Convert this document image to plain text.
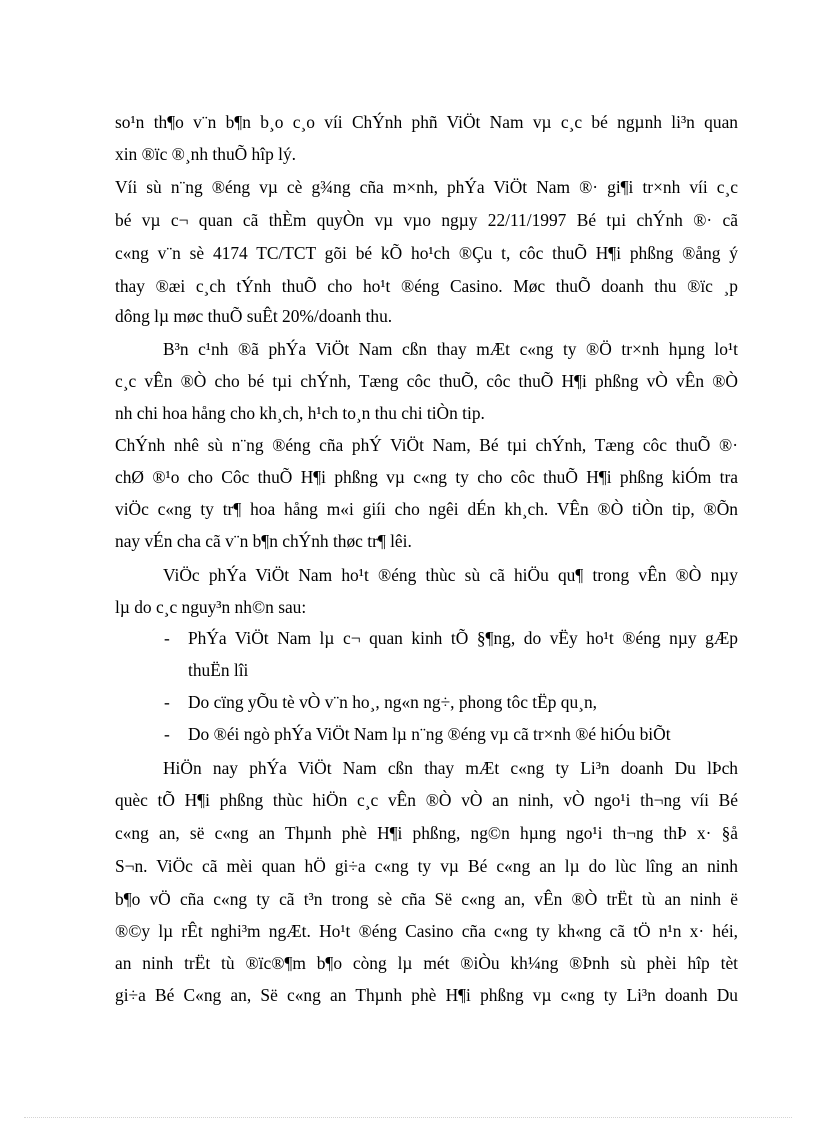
so¹n th¶o v¨n b¶n b¸o c¸o víi ChÝnh phñ ViÖt Nam vµ c¸c bé ngµnh li³n quan
xin ®ïc ®¸nh thuÕ hîp lý.
Víi sù n¨ng ®éng vµ cè g¾ng cña m×nh, phÝa ViÖt Nam ®· gi¶i tr×nh víi c¸c
bé vµ c¬ quan cã thÈm quyÒn vµ vµo ngµy 22/11/1997 Bé tµi chÝnh ®· cã
c«ng v¨n sè 4174 TC/TCT gõi bé kÕ ho¹ch ®Çu t, côc thuÕ H¶i phßng ®ång ý
thay ®æi c¸ch tÝnh thuÕ cho ho¹t ®éng Casino. Møc thuÕ doanh thu ®ïc ¸p
dông lµ møc thuÕ suÊt 20%/doanh thu.
B³n c¹nh ®ã phÝa ViÖt Nam cßn thay mÆt c«ng ty ®Ö tr×nh hµng lo¹t
c¸c vÊn ®Ò cho bé tµi chÝnh, Tæng côc thuÕ, côc thuÕ H¶i phßng vÒ vÊn ®Ò
nh chi hoa hång cho kh¸ch, h¹ch to¸n thu chi tiÒn tip.
ChÝnh nhê sù n¨ng ®éng cña phÝ ViÖt Nam, Bé tµi chÝnh, Tæng côc thuÕ ®·
chØ ®¹o cho Côc thuÕ H¶i phßng vµ c«ng ty cho côc thuÕ H¶i phßng kiÓm tra
viÖc c«ng ty tr¶ hoa hång m«i giíi cho ngêi dÉn kh¸ch. VÊn ®Ò tiÒn tip, ®Õn
nay vÉn cha cã v¨n b¶n chÝnh thøc tr¶ lêi.
ViÖc phÝa ViÖt Nam ho¹t ®éng thùc sù cã hiÖu qu¶ trong vÊn ®Ò nµy
lµ do c¸c nguy³n nh©n sau:
- PhÝa ViÖt Nam lµ c¬ quan kinh tÕ §¶ng, do vËy ho¹t ®éng nµy gÆp
thuËn lîi
- Do cïng yÕu tè vÒ v¨n ho¸, ng«n ng÷, phong tôc tËp qu¸n,
- Do ®éi ngò phÝa ViÖt Nam lµ n¨ng ®éng vµ cã tr×nh ®é hiÓu biÕt
HiÖn nay phÝa ViÖt Nam cßn thay mÆt c«ng ty Li³n doanh Du lÞch
quèc tÕ H¶i phßng thùc hiÖn c¸c vÊn ®Ò vÒ an ninh, vÒ ngo¹i th¬ng víi Bé
c«ng an, së c«ng an Thµnh phè H¶i phßng, ng©n hµng ngo¹i th¬ng thÞ x· §å
S¬n. ViÖc cã mèi quan hÖ gi÷a c«ng ty vµ Bé c«ng an lµ do lùc lîng an ninh
b¶o vÖ cña c«ng ty cã t³n trong sè cña Së c«ng an, vÊn ®Ò trËt tù an ninh ë
®©y lµ rÊt nghi³m ngÆt. Ho¹t ®éng Casino cña c«ng ty kh«ng cã tÖ n¹n x· héi,
an ninh trËt tù ®ïc®¶m b¶o còng lµ mét ®iÒu kh¼ng ®Þnh sù phèi hîp tèt
gi÷a Bé C«ng an, Së c«ng an Thµnh phè H¶i phßng vµ c«ng ty Li³n doanh Du
